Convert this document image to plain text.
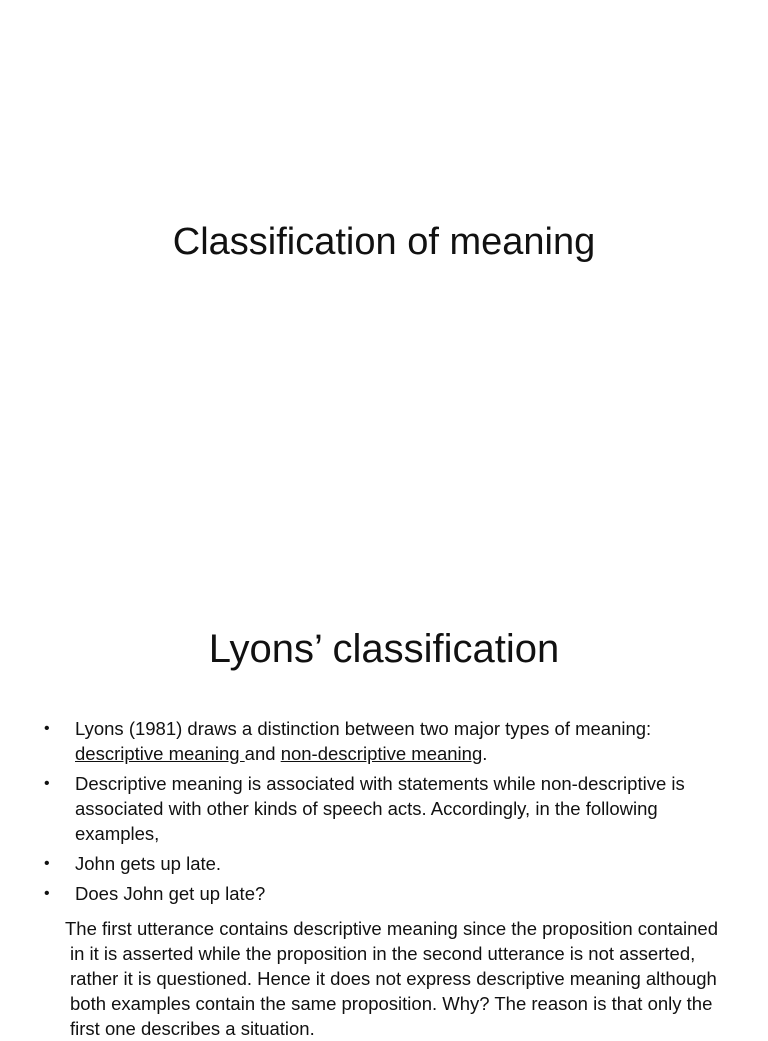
Classification of meaning
Lyons’ classification
• Lyons (1981) draws a distinction between two major types of meaning: descriptive meaning and non-descriptive meaning.
• Descriptive meaning is associated with statements while non-descriptive is associated with other kinds of speech acts. Accordingly, in the following examples,
• John gets up late.
• Does John get up late?

The first utterance contains descriptive meaning since the proposition contained in it is asserted while the proposition in the second utterance is not asserted, rather it is questioned. Hence it does not express descriptive meaning although both examples contain the same proposition. Why? The reason is that only the first one describes a situation.
